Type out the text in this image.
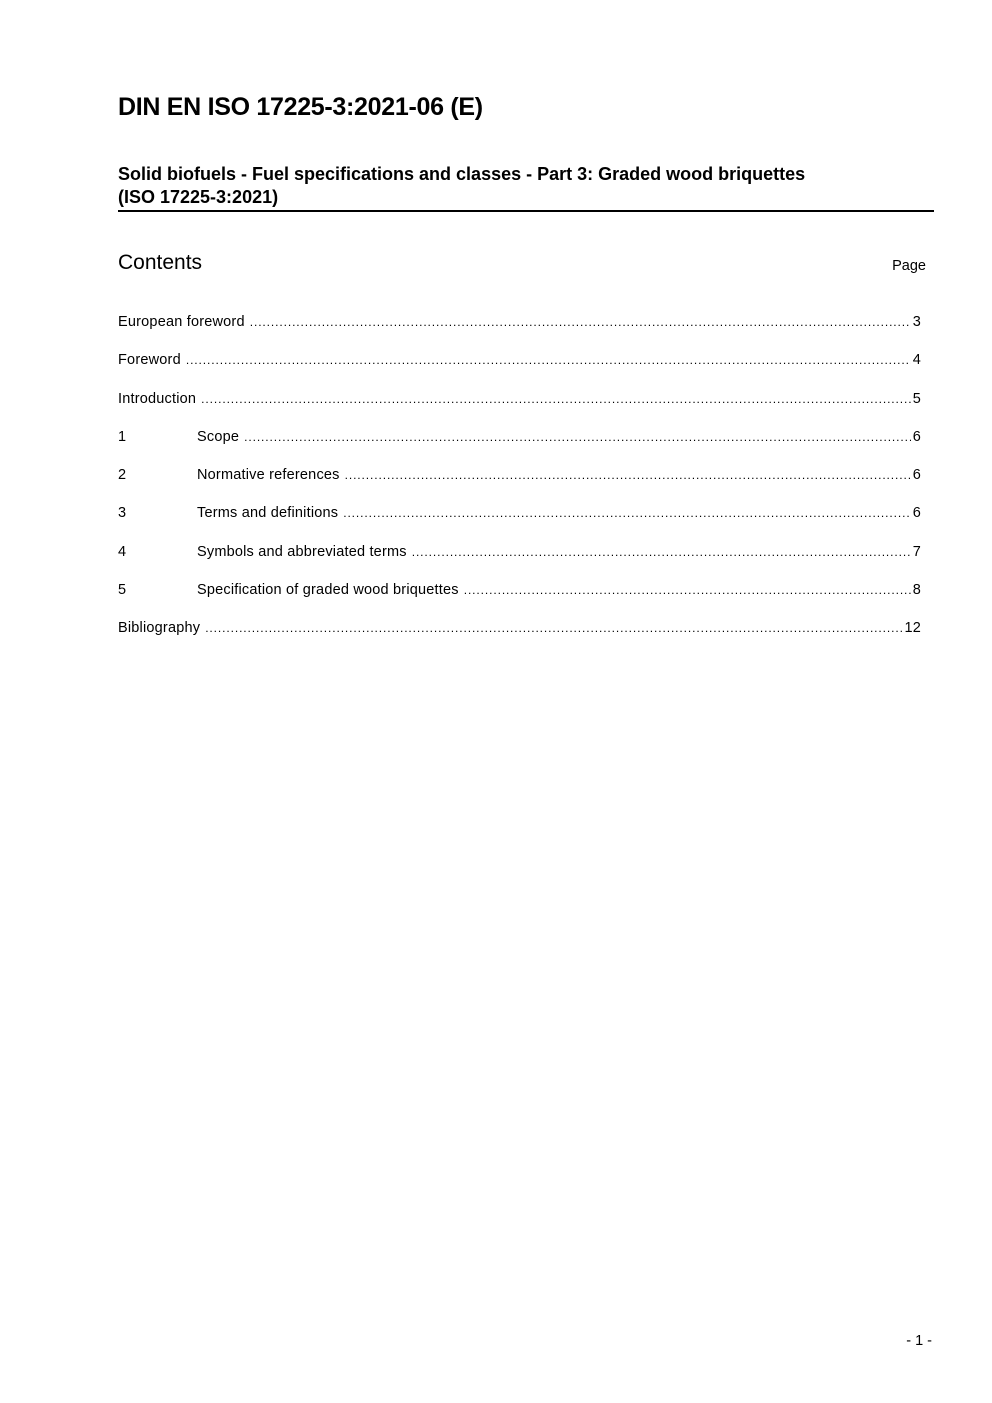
DIN EN ISO 17225-3:2021-06 (E)
Solid biofuels - Fuel specifications and classes - Part 3: Graded wood briquettes
(ISO 17225-3:2021)
Contents	Page
European foreword .....	3
Foreword .....	4
Introduction .....	5
1	Scope .....	6
2	Normative references .....	6
3	Terms and definitions .....	6
4	Symbols and abbreviated terms .....	7
5	Specification of graded wood briquettes .....	8
Bibliography .....	12
- 1 -
